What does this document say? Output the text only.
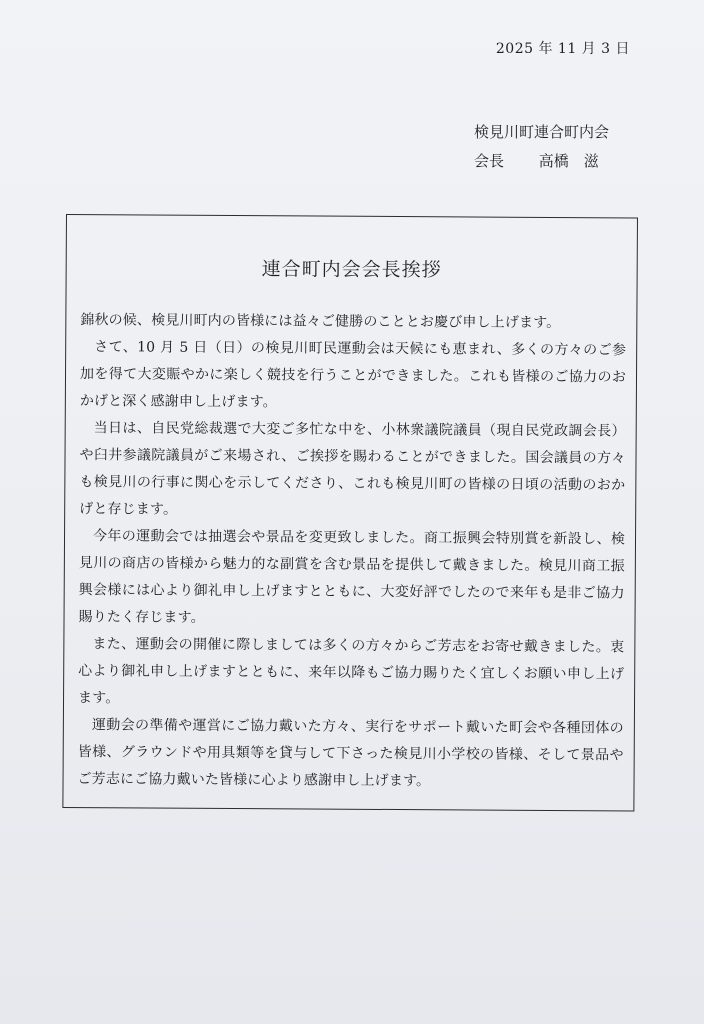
2025 年 11 月 3 日
検見川町連合町内会
会長 高橋　滋
連合町内会会長挨拶

錦秋の候、検見川町内の皆様には益々ご健勝のこととお慶び申し上げます。

さて、10 月 5 日（日）の検見川町民運動会は天候にも恵まれ、多くの方々のご参加を得て大変賑やかに楽しく競技を行うことができました。これも皆様のご協力のおかげと深く感謝申し上げます。

当日は、自民党総裁選で大変ご多忙な中を、小林衆議院議員（現自民党政調会長）や臼井参議院議員がご来場され、ご挨拶を賜わることができました。国会議員の方々も検見川の行事に関心を示してくださり、これも検見川町の皆様の日頃の活動のおかげと存じます。

今年の運動会では抽選会や景品を変更致しました。商工振興会特別賞を新設し、検見川の商店の皆様から魅力的な副賞を含む景品を提供して戴きました。検見川商工振興会様には心より御礼申し上げますとともに、大変好評でしたので来年も是非ご協力賜りたく存じます。

また、運動会の開催に際しましては多くの方々からご芳志をお寄せ戴きました。衷心より御礼申し上げますとともに、来年以降もご協力賜りたく宜しくお願い申し上げます。

運動会の準備や運営にご協力戴いた方々、実行をサポート戴いた町会や各種団体の皆様、グラウンドや用具類等を貸与して下さった検見川小学校の皆様、そして景品やご芳志にご協力戴いた皆様に心より感謝申し上げます。
